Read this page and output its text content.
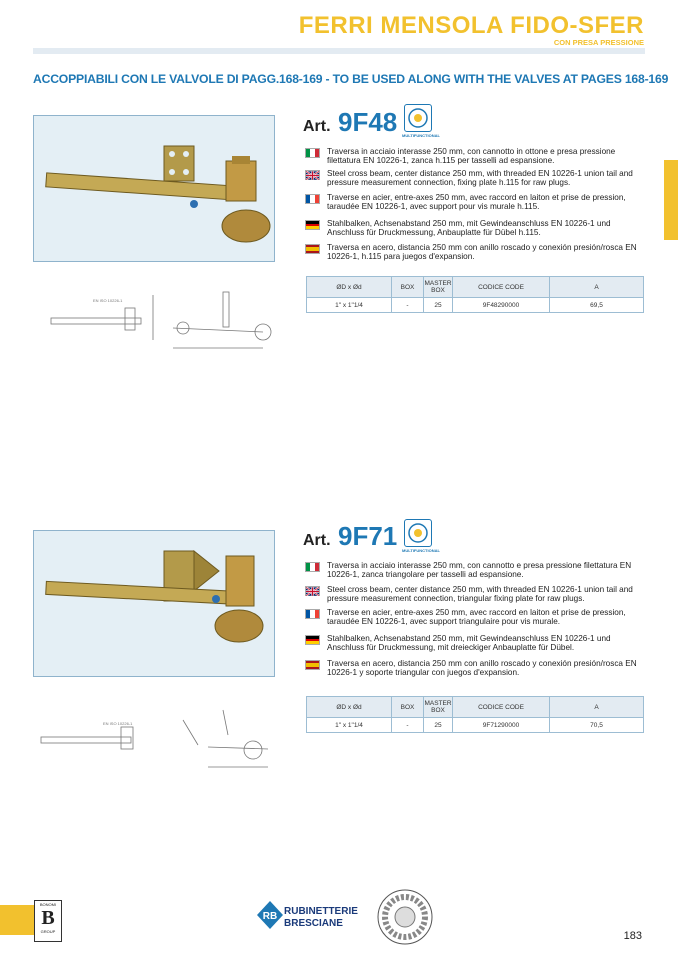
FERRI MENSOLA FIDO-SFER
CON PRESA PRESSIONE
ACCOPPIABILI CON LE VALVOLE DI PAGG.168-169 - TO BE USED ALONG WITH THE VALVES AT PAGES 168-169
EN ISO 10226-1
Art. 9F48 MULTIFUNCTIONAL
Traversa in acciaio interasse 250 mm, con cannotto in ottone e presa pressione filettatura EN 10226-1, zanca h.115 per tasselli ad espansione.
Steel cross beam, center distance 250 mm, with threaded EN 10226-1 union tail and pressure measurement connection, fixing plate h.115 for raw plugs.
Traverse en acier, entre-axes 250 mm, avec raccord en laiton et prise de pression, taraudée EN 10226-1, avec support pour vis murale h.115.
Stahlbalken, Achsenabstand 250 mm, mit Gewindeanschluss EN 10226-1 und Anschluss für Druckmessung, Anbauplatte für Dübel h.115.
Traversa en acero, distancia 250 mm con anillo roscado y conexión presión/rosca EN 10226-1, h.115 para juegos d'expansion.
ØD x Ød	BOX	MASTER BOX	CODICE CODE	A
1" x 1"1/4	-	25	9F48290000	69,5
EN ISO 10226-1
Art. 9F71 MULTIFUNCTIONAL
Traversa in acciaio interasse 250 mm, con cannotto e presa pressione filettatura EN 10226-1, zanca triangolare per tasselli ad espansione.
Steel cross beam, center distance 250 mm, with threaded EN 10226-1 union tail and pressure measurement connection, triangular fixing plate for raw plugs.
Traverse en acier, entre-axes 250 mm, avec raccord en laiton et prise de pression, taraudée EN 10226-1, avec support triangulaire pour vis murale.
Stahlbalken, Achsenabstand 250 mm, mit Gewindeanschluss EN 10226-1 und Anschluss für Druckmessung, mit dreieckiger Anbauplatte für Dübel.
Traversa en acero, distancia 250 mm con anillo roscado y conexión presión/rosca EN 10226-1 y soporte triangular con juegos d'expansion.
ØD x Ød	BOX	MASTER BOX	CODICE CODE	A
1" x 1"1/4	-	25	9F71290000	70,5
BONOMI
B
GROUP
RB RUBINETTERIE
BRESCIANE
183
